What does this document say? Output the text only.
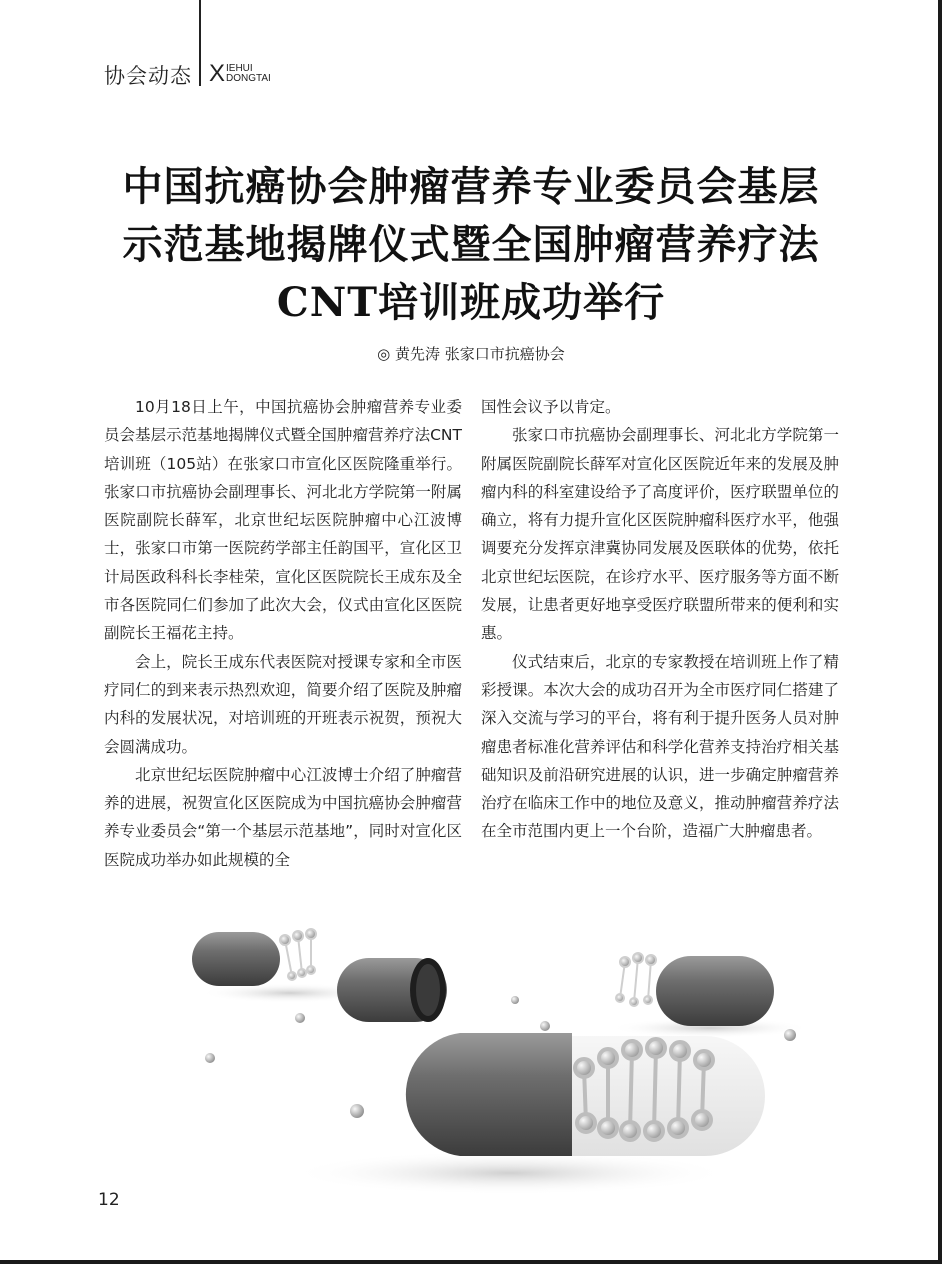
协会动态 X IEHUI
DONGTAI
中国抗癌协会肿瘤营养专业委员会基层
示范基地揭牌仪式暨全国肿瘤营养疗法
CNT培训班成功举行
◎ 黄先涛 张家口市抗癌协会

10月18日上午，中国抗癌协会肿瘤营养专业委员会基层示范基地揭牌仪式暨全国肿瘤营养疗法CNT培训班（105站）在张家口市宣化区医院隆重举行。张家口市抗癌协会副理事长、河北北方学院第一附属医院副院长薛军，北京世纪坛医院肿瘤中心江波博士，张家口市第一医院药学部主任韵国平，宣化区卫计局医政科科长李桂荣，宣化区医院院长王成东及全市各医院同仁们参加了此次大会，仪式由宣化区医院副院长王福花主持。

会上，院长王成东代表医院对授课专家和全市医疗同仁的到来表示热烈欢迎，简要介绍了医院及肿瘤内科的发展状况，对培训班的开班表示祝贺，预祝大会圆满成功。

北京世纪坛医院肿瘤中心江波博士介绍了肿瘤营养的进展，祝贺宣化区医院成为中国抗癌协会肿瘤营养专业委员会“第一个基层示范基地”，同时对宣化区医院成功举办如此规模的全

国性会议予以肯定。

张家口市抗癌协会副理事长、河北北方学院第一附属医院副院长薛军对宣化区医院近年来的发展及肿瘤内科的科室建设给予了高度评价，医疗联盟单位的确立，将有力提升宣化区医院肿瘤科医疗水平，他强调要充分发挥京津冀协同发展及医联体的优势，依托北京世纪坛医院，在诊疗水平、医疗服务等方面不断发展，让患者更好地享受医疗联盟所带来的便利和实惠。

仪式结束后，北京的专家教授在培训班上作了精彩授课。本次大会的成功召开为全市医疗同仁搭建了深入交流与学习的平台，将有利于提升医务人员对肿瘤患者标准化营养评估和科学化营养支持治疗相关基础知识及前沿研究进展的认识，进一步确定肿瘤营养治疗在临床工作中的地位及意义，推动肿瘤营养疗法在全市范围内更上一个台阶，造福广大肿瘤患者。

12
